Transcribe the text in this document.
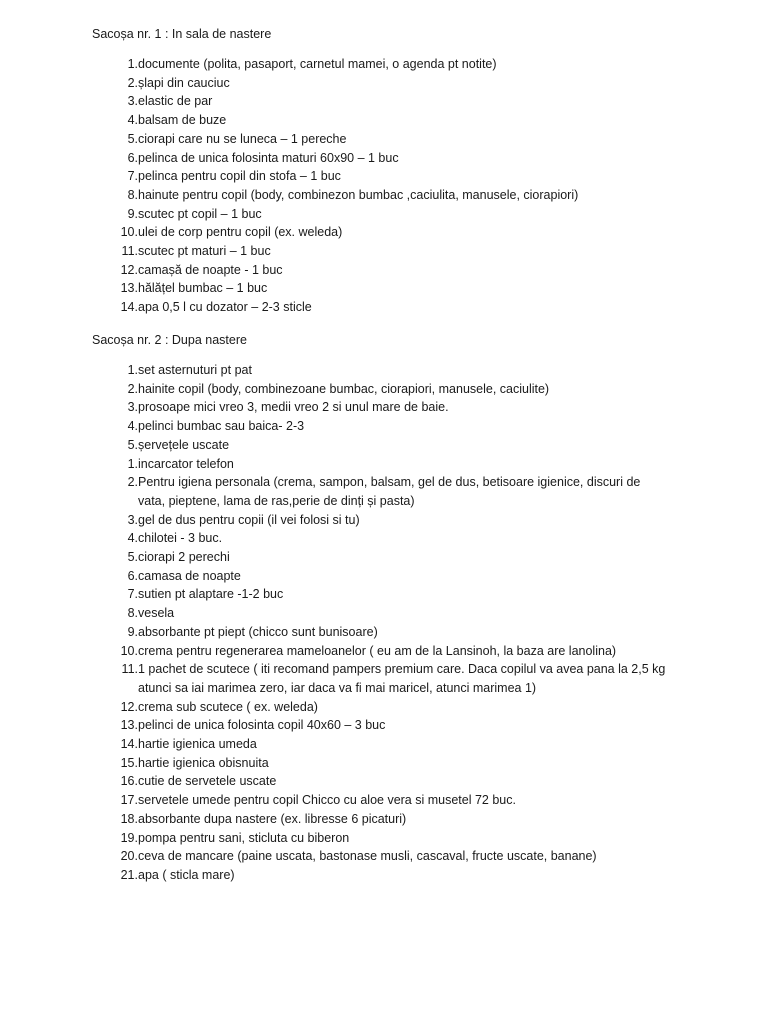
Sacoșa nr. 1 : In sala de nastere
1. documente (polita, pasaport, carnetul mamei, o agenda pt notite)
2. șlapi din cauciuc
3. elastic de par
4. balsam de buze
5. ciorapi care nu se luneca – 1 pereche
6. pelinca de unica folosinta maturi 60x90 – 1 buc
7. pelinca pentru copil din stofa – 1 buc
8. hainute pentru copil (body, combinezon bumbac ,caciulita, manusele, ciorapiori)
9. scutec pt copil – 1 buc
10. ulei de corp pentru copil (ex. weleda)
11. scutec pt maturi – 1 buc
12. camașă de noapte - 1 buc
13. hălățel bumbac – 1 buc
14. apa 0,5 l cu dozator – 2-3 sticle
Sacoșa nr. 2 : Dupa nastere
1. set asternuturi pt pat
2. hainite copil (body, combinezoane bumbac, ciorapiori, manusele, caciulite)
3. prosoape mici vreo 3, medii vreo 2 si unul mare de baie.
4. pelinci bumbac sau baica- 2-3
5. șervețele uscate
1. incarcator telefon
2. Pentru igiena personala (crema, sampon, balsam, gel de dus, betisoare igienice, discuri de vata, pieptene, lama de ras,perie de dinți și pasta)
3. gel de dus pentru copii (il vei folosi si tu)
4. chilotei - 3 buc.
5. ciorapi 2 perechi
6. camasa de noapte
7. sutien pt alaptare -1-2 buc
8. vesela
9. absorbante pt piept (chicco sunt bunisoare)
10. crema pentru regenerarea mameloanelor ( eu am de la Lansinoh, la baza are lanolina)
11. 1 pachet de scutece ( iti recomand pampers premium care. Daca copilul va avea pana la 2,5 kg atunci sa iai marimea zero, iar daca va fi mai maricel, atunci marimea 1)
12. crema sub scutece ( ex. weleda)
13. pelinci de unica folosinta copil 40x60 – 3 buc
14. hartie igienica umeda
15. hartie igienica obisnuita
16. cutie de servetele uscate
17. servetele umede pentru copil Chicco cu aloe vera si musetel 72 buc.
18. absorbante dupa nastere (ex. libresse 6 picaturi)
19. pompa pentru sani, sticluta cu biberon
20. ceva de mancare (paine uscata, bastonase musli, cascaval, fructe uscate, banane)
21. apa ( sticla mare)
